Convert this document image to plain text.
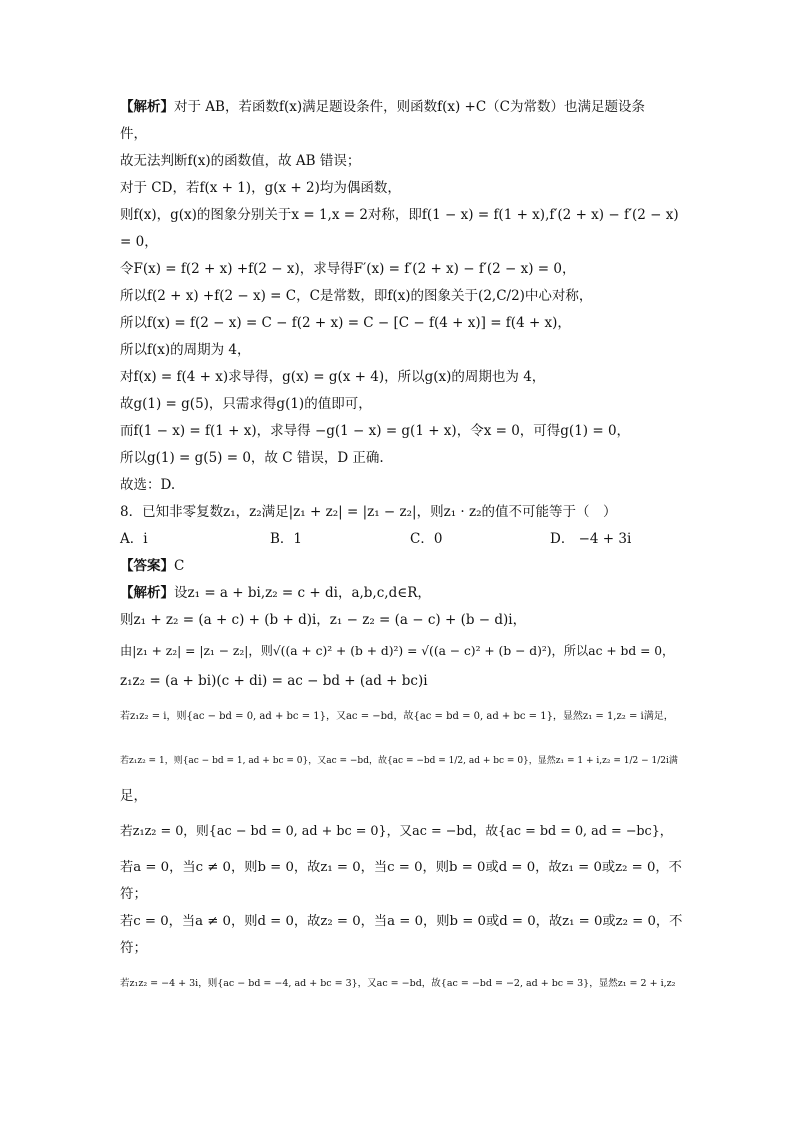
【解析】对于 AB，若函数f(x)满足题设条件，则函数f(x) +C（C为常数）也满足题设条

件，

故无法判断f(x)的函数值，故 AB 错误；

对于 CD，若f(x + 1)，g(x + 2)均为偶函数，

则f(x)，g(x)的图象分别关于x = 1,x = 2对称，即f(1 − x) = f(1 + x),f′(2 + x) − f′(2 − x)

= 0，

令F(x) = f(2 + x) +f(2 − x)，求导得F′(x) = f′(2 + x) − f′(2 − x) = 0，

所以f(2 + x) +f(2 − x) = C，C是常数，即f(x)的图象关于(2,C/2)中心对称，

所以f(x) = f(2 − x) = C − f(2 + x) = C − [C − f(4 + x)] = f(4 + x)，

所以f(x)的周期为 4，

对f(x) = f(4 + x)求导得，g(x) = g(x + 4)，所以g(x)的周期也为 4，

故g(1) = g(5)，只需求得g(1)的值即可，

而f(1 − x) = f(1 + x)，求导得 −g(1 − x) = g(1 + x)，令x = 0，可得g(1) = 0，

所以g(1) = g(5) = 0，故 C 错误，D 正确.

故选：D.

8．已知非零复数z₁，z₂满足|z₁ + z₂| = |z₁ − z₂|，则z₁ · z₂的值不可能等于（　）

A．i	B．1	C．0	D． −4 + 3i

【答案】C

【解析】设z₁ = a + bi,z₂ = c + di，a,b,c,d∈R，

则z₁ + z₂ = (a + c) + (b + d)i，z₁ − z₂ = (a − c) + (b − d)i，

由|z₁ + z₂| = |z₁ − z₂|，则√((a + c)² + (b + d)²) = √((a − c)² + (b − d)²)，所以ac + bd = 0，

z₁z₂ = (a + bi)(c + di) = ac − bd + (ad + bc)i

若z₁z₂ = i，则{ac − bd = 0, ad + bc = 1}，又ac = −bd，故{ac = bd = 0, ad + bc = 1}，显然z₁ = 1,z₂ = i满足，

若z₁z₂ = 1，则{ac − bd = 1, ad + bc = 0}，又ac = −bd，故{ac = −bd = 1/2, ad + bc = 0}，显然z₁ = 1 + i,z₂ = 1/2 − 1/2i满

足，

若z₁z₂ = 0，则{ac − bd = 0, ad + bc = 0}，又ac = −bd，故{ac = bd = 0, ad = −bc}，

若a = 0，当c ≠ 0，则b = 0，故z₁ = 0，当c = 0，则b = 0或d = 0，故z₁ = 0或z₂ = 0，不

符；

若c = 0，当a ≠ 0，则d = 0，故z₂ = 0，当a = 0，则b = 0或d = 0，故z₁ = 0或z₂ = 0，不

符；

若z₁z₂ = −4 + 3i，则{ac − bd = −4, ad + bc = 3}，又ac = −bd，故{ac = −bd = −2, ad + bc = 3}，显然z₁ = 2 + i,z₂
